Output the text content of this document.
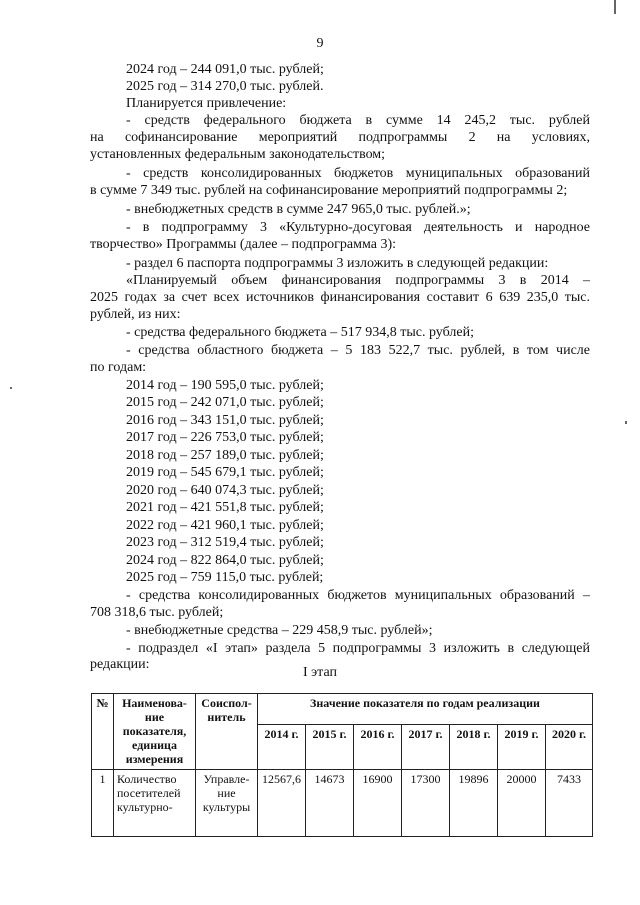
9
2024 год – 244 091,0 тыс. рублей;
2025 год – 314 270,0 тыс. рублей.
Планируется привлечение:
- средств федерального бюджета в сумме 14 245,2 тыс. рублей
на софинансирование мероприятий подпрограммы 2 на условиях,
установленных федеральным законодательством;
- средств консолидированных бюджетов муниципальных образований
в сумме 7 349 тыс. рублей на софинансирование мероприятий подпрограммы 2;
- внебюджетных средств в сумме 247 965,0 тыс. рублей.»;
- в подпрограмму 3 «Культурно-досуговая деятельность и народное
творчество» Программы (далее – подпрограмма 3):
- раздел 6 паспорта подпрограммы 3 изложить в следующей редакции:
«Планируемый объем финансирования подпрограммы 3 в 2014 –
2025 годах за счет всех источников финансирования составит 6 639 235,0 тыс.
рублей, из них:
- средства федерального бюджета – 517 934,8 тыс. рублей;
- средства областного бюджета – 5 183 522,7 тыс. рублей, в том числе
по годам:
2014 год – 190 595,0 тыс. рублей;
2015 год – 242 071,0 тыс. рублей;
2016 год – 343 151,0 тыс. рублей;
2017 год – 226 753,0 тыс. рублей;
2018 год – 257 189,0 тыс. рублей;
2019 год – 545 679,1 тыс. рублей;
2020 год – 640 074,3 тыс. рублей;
2021 год – 421 551,8 тыс. рублей;
2022 год – 421 960,1 тыс. рублей;
2023 год – 312 519,4 тыс. рублей;
2024 год – 822 864,0 тыс. рублей;
2025 год – 759 115,0 тыс. рублей;
- средства консолидированных бюджетов муниципальных образований –
708 318,6 тыс. рублей;
- внебюджетные средства – 229 458,9 тыс. рублей»;
- подраздел «I этап» раздела 5 подпрограммы 3 изложить в следующей
редакции:
I этап
№	Наименова-ние показателя, единица измерения	Соиспол-нитель	Значение показателя по годам реализации						
			2014 г.	2015 г.	2016 г.	2017 г.	2018 г.	2019 г.	2020 г.
1	Количество посетителей культурно-	Управле-ние культуры	12567,6	14673	16900	17300	19896	20000	7433
